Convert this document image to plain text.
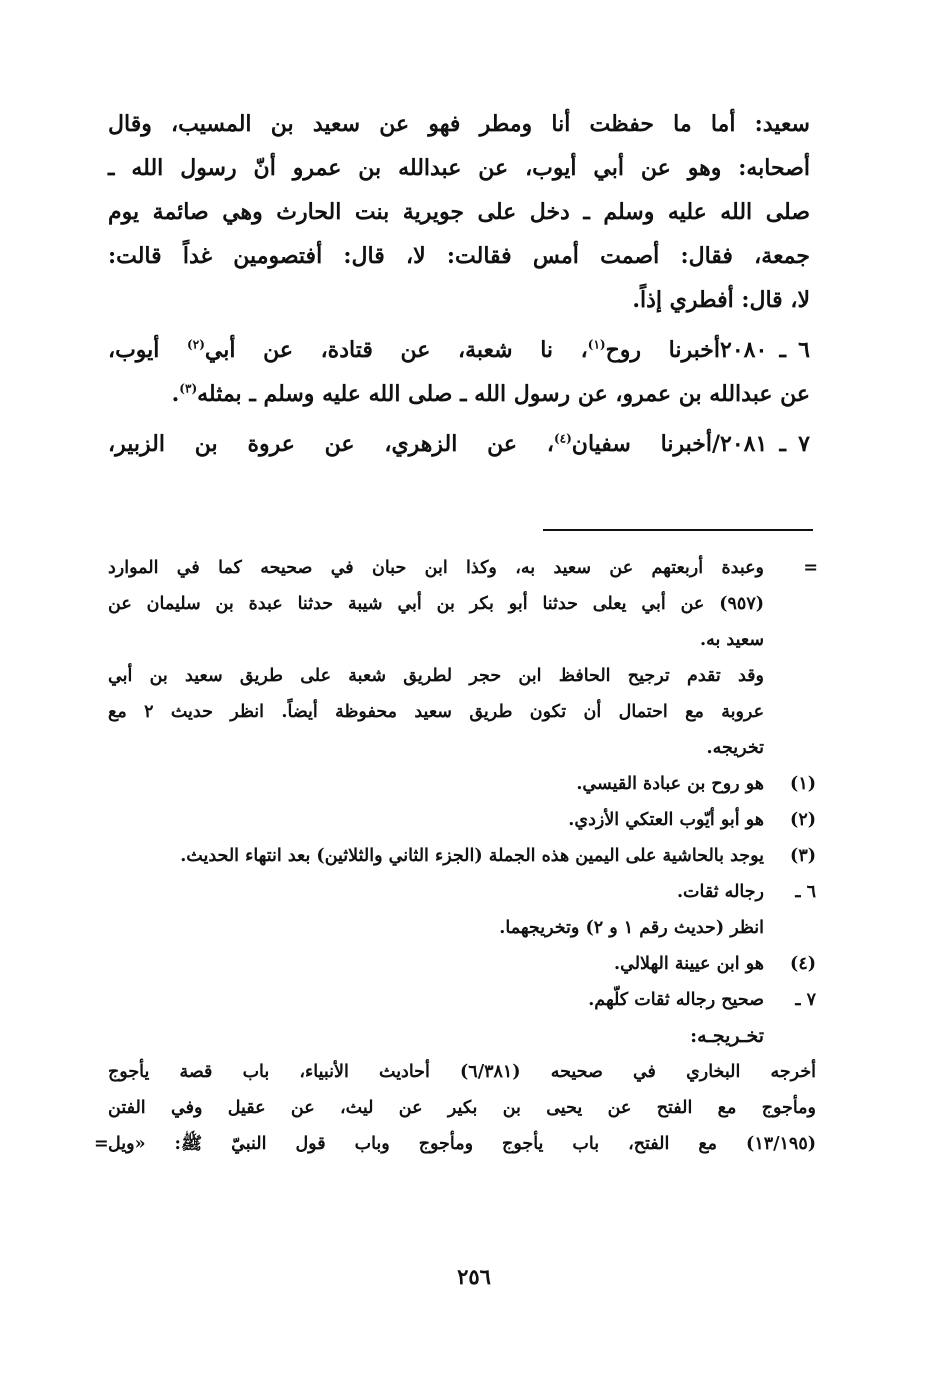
سعيد: أما ما حفظت أنا ومطر فهو عن سعيد بن المسيب، وقال
أصحابه: وهو عن أبي أيوب، عن عبدالله بن عمرو أنّ رسول الله ـ
صلى الله عليه وسلم ـ دخل على جويرية بنت الحارث وهي صائمة يوم
جمعة، فقال: أصمت أمس فقالت: لا، قال: أفتصومين غداً قالت:
لا، قال: أفطري إذاً.

٦ ـ ٢٠٨٠أخبرنا روح$^{(١)}$، نا شعبة، عن قتادة، عن أبي$^{(٢)}$ أيوب،
عن عبدالله بن عمرو، عن رسول الله ـ صلى الله عليه وسلم ـ بمثله$^{(٣)}$.

٧ ـ ٢٠٨١/أخبرنا سفيان$^{(٤)}$، عن الزهري، عن عروة بن الزبير،

=
وعبدة أربعتهم عن سعيد به، وكذا ابن حبان في صحيحه كما في الموارد
(٩٥٧) عن أبي يعلى حدثنا أبو بكر بن أبي شيبة حدثنا عبدة بن سليمان عن
سعيد به.
وقد تقدم ترجيح الحافظ ابن حجر لطريق شعبة على طريق سعيد بن أبي
عروبة مع احتمال أن تكون طريق سعيد محفوظة أيضاً. انظر حديث ٢ مع
تخريجه.
(١)
هو روح بن عبادة القيسي.
(٢)
هو أبو أيّوب العتكي الأزدي.
(٣)
يوجد بالحاشية على اليمين هذه الجملة (الجزء الثاني والثلاثين) بعد انتهاء الحديث.
٦ ـ
رجاله ثقات.
انظر (حديث رقم ١ و ٢) وتخريجهما.
(٤)
هو ابن عيينة الهلالي.
٧ ـ
صحيح رجاله ثقات كلّهم.
تخـريجـه:
أخرجه البخاري في صحيحه (٦/٣٨١) أحاديث الأنبياء، باب قصة يأجوج
ومأجوج مع الفتح عن يحيى بن بكير عن ليث، عن عقيل وفي الفتن
(١٣/١٩٥) مع الفتح، باب يأجوج ومأجوج وباب قول النبيّ ﷺ: «ويل
=
٢٥٦
